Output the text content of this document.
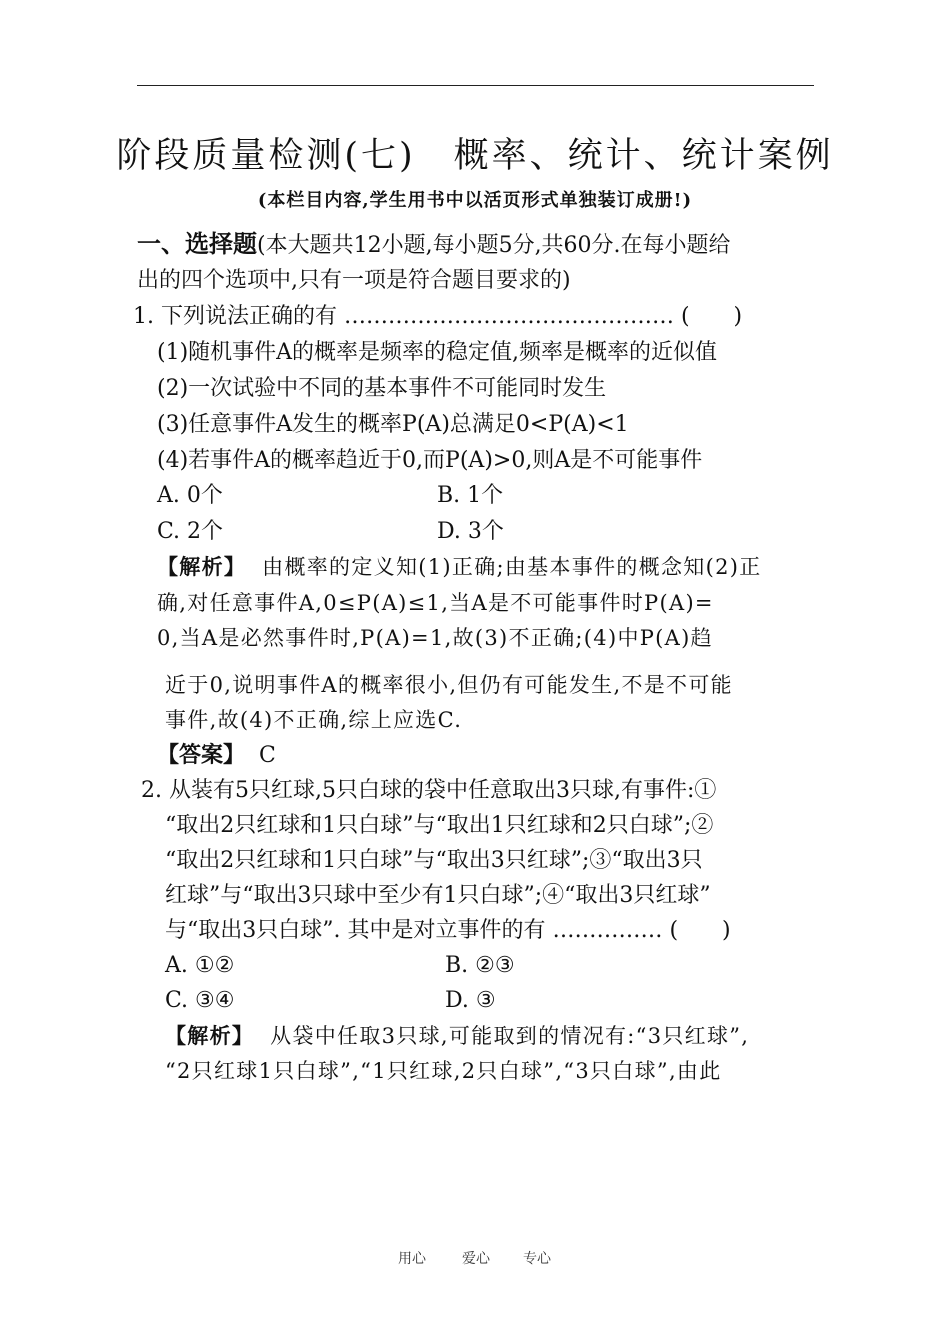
阶段质量检测(七)　概率、统计、统计案例
(本栏目内容,学生用书中以活页形式单独装订成册!)
一、选择题(本大题共12小题,每小题5分,共60分.在每小题给
出的四个选项中,只有一项是符合题目要求的)
1. 下列说法正确的有 ……………………………………… (　　)
(1)随机事件A的概率是频率的稳定值,频率是概率的近似值
(2)一次试验中不同的基本事件不可能同时发生
(3)任意事件A发生的概率P(A)总满足0<P(A)<1
(4)若事件A的概率趋近于0,而P(A)>0,则A是不可能事件
A. 0个	B. 1个
C. 2个	D. 3个
【解析】 由概率的定义知(1)正确;由基本事件的概念知(2)正
确,对任意事件A,0≤P(A)≤1,当A是不可能事件时P(A)=
0,当A是必然事件时,P(A)=1,故(3)不正确;(4)中P(A)趋
近于0,说明事件A的概率很小,但仍有可能发生,不是不可能
事件,故(4)不正确,综上应选C.
【答案】 C
2. 从装有5只红球,5只白球的袋中任意取出3只球,有事件:①
“取出2只红球和1只白球”与“取出1只红球和2只白球”;②
“取出2只红球和1只白球”与“取出3只红球”;③“取出3只
红球”与“取出3只球中至少有1只白球”;④“取出3只红球”
与“取出3只白球”. 其中是对立事件的有 …………… (　　)
A. ①②	B. ②③
C. ③④	D. ③
【解析】 从袋中任取3只球,可能取到的情况有:“3只红球”,
“2只红球1只白球”,“1只红球,2只白球”,“3只白球”,由此
用心	爱心 专心
